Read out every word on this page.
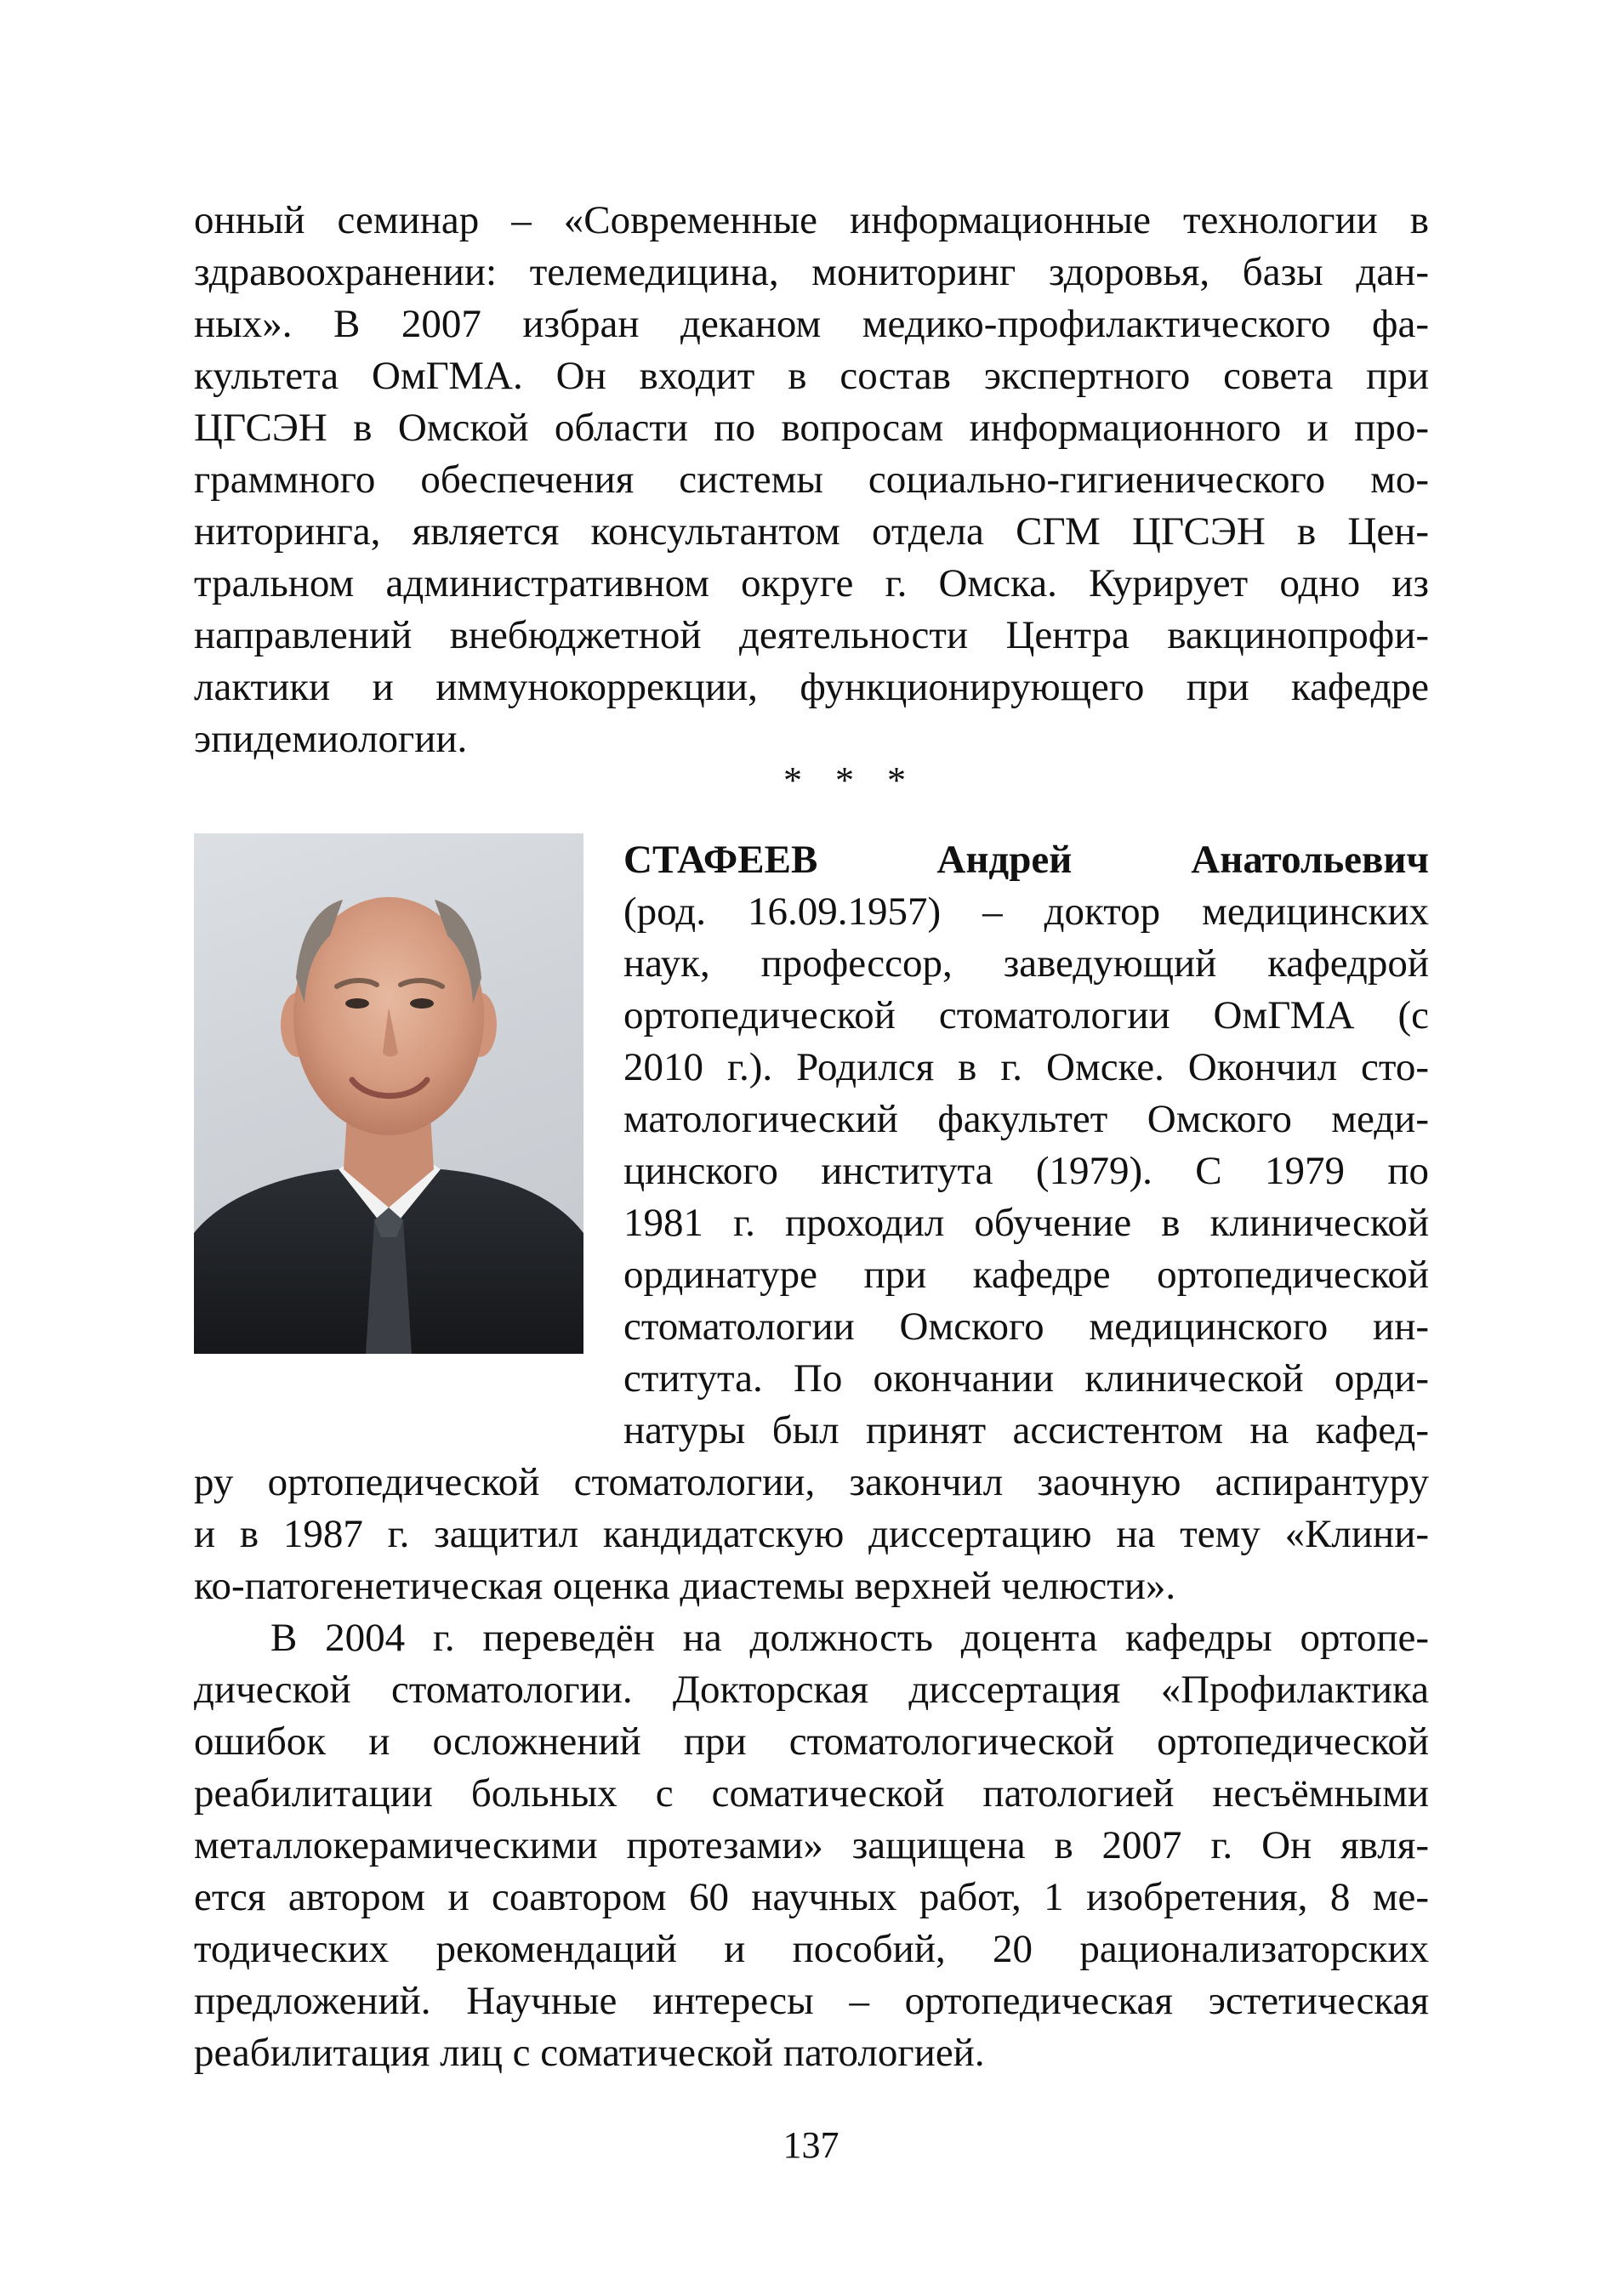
онный семинар – «Современные информационные технологии в
здравоохранении: телемедицина, мониторинг здоровья, базы дан-
ных». В 2007 избран деканом медико-профилактического фа-
культета ОмГМА. Он входит в состав экспертного совета при
ЦГСЭН в Омской области по вопросам информационного и про-
граммного обеспечения системы социально-гигиенического мо-
ниторинга, является консультантом отдела СГМ ЦГСЭН в Цен-
тральном административном округе г. Омска. Курирует одно из
направлений внебюджетной деятельности Центра вакцинопрофи-
лактики и иммунокоррекции, функционирующего при кафедре
эпидемиологии.
* * *
СТАФЕЕВ	Андрей Анатольевич
(род. 16.09.1957) – доктор медицинских
наук, профессор, заведующий кафедрой
ортопедической стоматологии ОмГМА (с
2010 г.). Родился в г. Омске. Окончил сто-
матологический факультет Омского меди-
цинского института (1979). С 1979 по
1981 г. проходил обучение в клинической
ординатуре при кафедре ортопедической
стоматологии Омского медицинского ин-
ститута. По окончании клинической орди-
натуры был принят ассистентом на кафед-
ру ортопедической стоматологии, закончил заочную аспирантуру
и в 1987 г. защитил кандидатскую диссертацию на тему «Клини-
ко-патогенетическая оценка диастемы верхней челюсти».
В 2004 г. переведён на должность доцента кафедры ортопе-
дической стоматологии. Докторская диссертация «Профилактика
ошибок и осложнений при стоматологической ортопедической
реабилитации больных с соматической патологией несъёмными
металлокерамическими протезами» защищена в 2007 г. Он явля-
ется автором и соавтором 60 научных работ, 1 изобретения, 8 ме-
тодических рекомендаций и пособий, 20 рационализаторских
предложений. Научные интересы – ортопедическая эстетическая
реабилитация лиц с соматической патологией.
137
